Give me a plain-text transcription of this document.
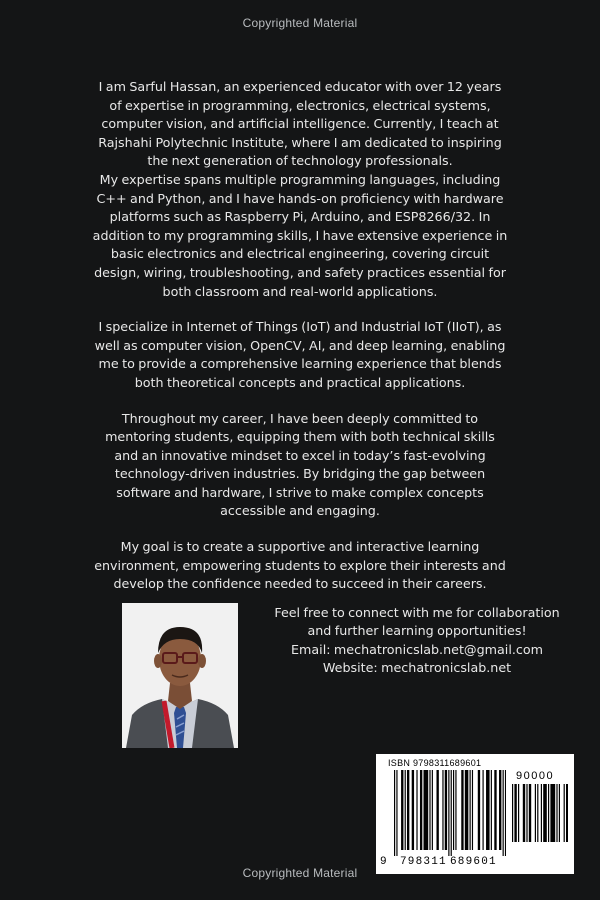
Copyrighted Material

I am Sarful Hassan, an experienced educator with over 12 years of expertise in programming, electronics, electrical systems, computer vision, and artificial intelligence. Currently, I teach at Rajshahi Polytechnic Institute, where I am dedicated to inspiring the next generation of technology professionals.

My expertise spans multiple programming languages, including C++ and Python, and I have hands-on proficiency with hardware platforms such as Raspberry Pi, Arduino, and ESP8266/32. In addition to my programming skills, I have extensive experience in basic electronics and electrical engineering, covering circuit design, wiring, troubleshooting, and safety practices essential for both classroom and real-world applications.

I specialize in Internet of Things (IoT) and Industrial IoT (IIoT), as well as computer vision, OpenCV, AI, and deep learning, enabling me to provide a comprehensive learning experience that blends both theoretical concepts and practical applications.

Throughout my career, I have been deeply committed to mentoring students, equipping them with both technical skills and an innovative mindset to excel in today’s fast-evolving technology-driven industries. By bridging the gap between software and hardware, I strive to make complex concepts accessible and engaging.

My goal is to create a supportive and interactive learning environment, empowering students to explore their interests and develop the confidence needed to succeed in their careers.

Feel free to connect with me for collaboration and further learning opportunities!
Email: mechatronicslab.net@gmail.com
Website: mechatronicslab.net
ISBN 9798311689601
90000
9 798311 689601
Copyrighted Material
